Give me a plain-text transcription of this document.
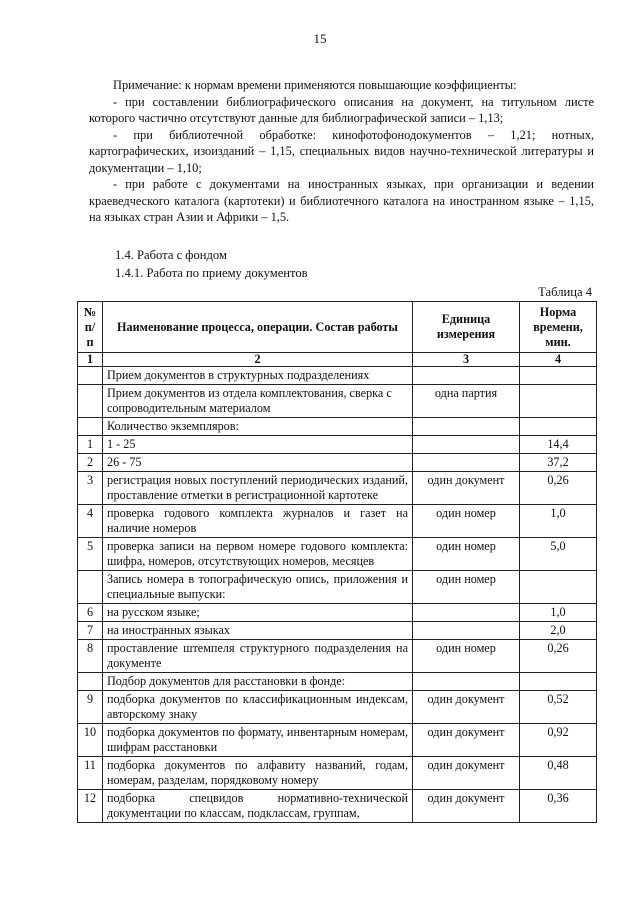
15

Примечание: к нормам времени применяются повышающие коэффициенты:

- при составлении библиографического описания на документ, на титульном листе которого частично отсутствуют данные для библиографической записи – 1,13;

- при библиотечной обработке: кинофотофонодокументов – 1,21; нотных, картографических, изоизданий – 1,15, специальных видов научно-технической литературы и документации – 1,10;

- при работе с документами на иностранных языках, при организации и ведении краеведческого каталога (картотеки) и библиотечного каталога на иностранном языке – 1,15, на языках стран Азии и Африки – 1,5.

1.4. Работа с фондом
1.4.1. Работа по приему документов
Таблица 4
№ п/п	Наименование процесса, операции. Состав работы	Единица измерения	Норма времени, мин.
1	2	3	4
	Прием документов в структурных подразделениях		
	Прием документов из отдела комплектования, сверка с сопроводительным материалом	одна партия	
	Количество экземпляров:		
1	1 - 25		14,4
2	26 - 75		37,2
3	регистрация новых поступлений периодических изданий, проставление отметки в регистрационной картотеке	один документ	0,26
4	проверка годового комплекта журналов и газет на наличие номеров	один номер	1,0
5	проверка записи на первом номере годового комплекта: шифра, номеров, отсутствующих номеров, месяцев	один номер	5,0
	Запись номера в топографическую опись, приложения и специальные выпуски:	один номер	
6	на русском языке;		1,0
7	на иностранных языках		2,0
8	проставление штемпеля структурного подразделения на документе	один номер	0,26
	Подбор документов для расстановки в фонде:		
9	подборка документов по классификационным индексам, авторскому знаку	один документ	0,52
10	подборка документов по формату, инвентарным номерам, шифрам расстановки	один документ	0,92
11	подборка документов по алфавиту названий, годам, номерам, разделам, порядковому номеру	один документ	0,48
12	подборка спецвидов нормативно-технической документации по классам, подклассам, группам,	один документ	0,36
